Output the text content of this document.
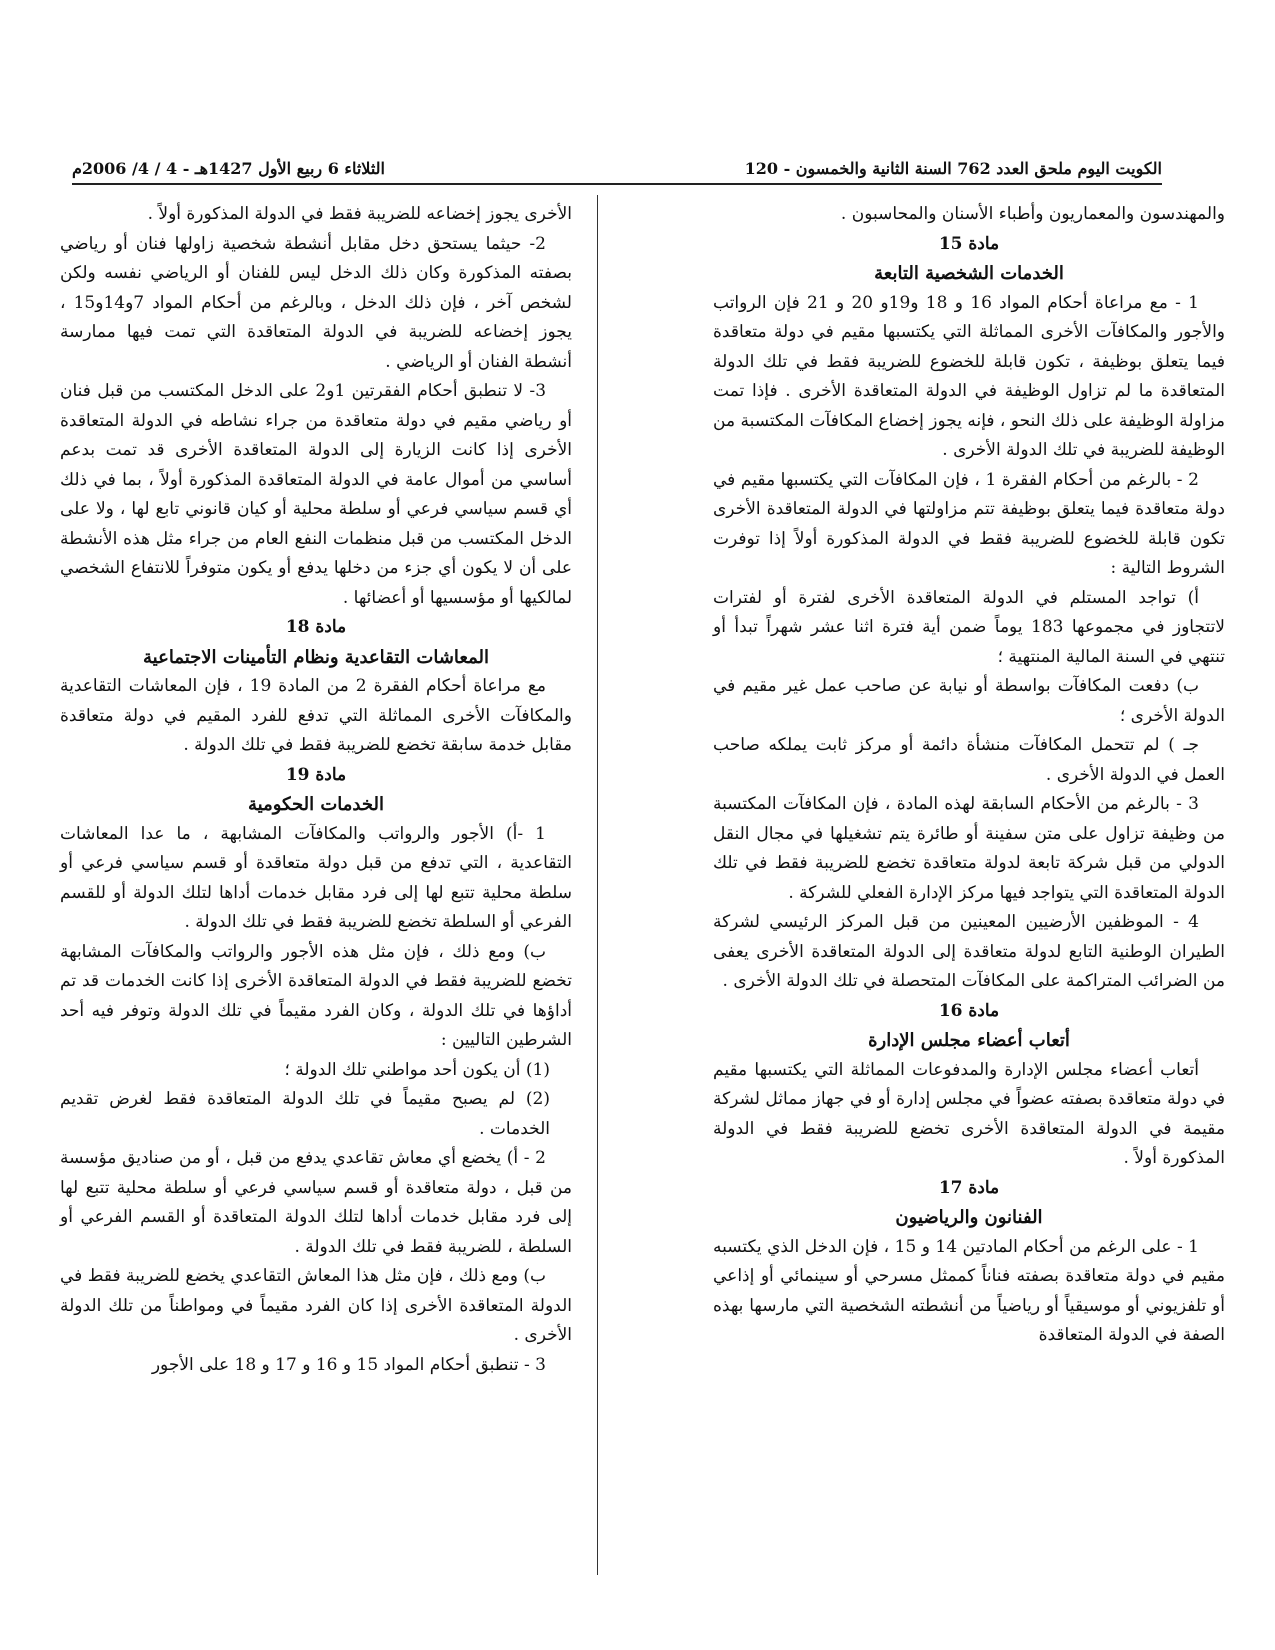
الكويت اليوم ملحق العدد 762 السنة الثانية والخمسون - 120
الثلاثاء 6 ربيع الأول 1427هـ - 4 / 4/ 2006م

والمهندسون والمعماريون وأطباء الأسنان والمحاسبون .

مادة 15

الخدمات الشخصية التابعة

1 - مع مراعاة أحكام المواد 16 و 18 و19و 20 و 21 فإن الرواتب والأجور والمكافآت الأخرى المماثلة التي يكتسبها مقيم في دولة متعاقدة فيما يتعلق بوظيفة ، تكون قابلة للخضوع للضريبة فقط في تلك الدولة المتعاقدة ما لم تزاول الوظيفة في الدولة المتعاقدة الأخرى . فإذا تمت مزاولة الوظيفة على ذلك النحو ، فإنه يجوز إخضاع المكافآت المكتسبة من الوظيفة للضريبة في تلك الدولة الأخرى .

2 - بالرغم من أحكام الفقرة 1 ، فإن المكافآت التي يكتسبها مقيم في دولة متعاقدة فيما يتعلق بوظيفة تتم مزاولتها في الدولة المتعاقدة الأخرى تكون قابلة للخضوع للضريبة فقط في الدولة المذكورة أولاً إذا توفرت الشروط التالية :

أ) تواجد المستلم في الدولة المتعاقدة الأخرى لفترة أو لفترات لاتتجاوز في مجموعها 183 يوماً ضمن أية فترة اثنا عشر شهراً تبدأ أو تنتهي في السنة المالية المنتهية ؛

ب) دفعت المكافآت بواسطة أو نيابة عن صاحب عمل غير مقيم في الدولة الأخرى ؛

جـ ) لم تتحمل المكافآت منشأة دائمة أو مركز ثابت يملكه صاحب العمل في الدولة الأخرى .

3 - بالرغم من الأحكام السابقة لهذه المادة ، فإن المكافآت المكتسبة من وظيفة تزاول على متن سفينة أو طائرة يتم تشغيلها في مجال النقل الدولي من قبل شركة تابعة لدولة متعاقدة تخضع للضريبة فقط في تلك الدولة المتعاقدة التي يتواجد فيها مركز الإدارة الفعلي للشركة .

4 - الموظفين الأرضيين المعينين من قبل المركز الرئيسي لشركة الطيران الوطنية التابع لدولة متعاقدة إلى الدولة المتعاقدة الأخرى يعفى من الضرائب المتراكمة على المكافآت المتحصلة في تلك الدولة الأخرى .

مادة 16

أتعاب أعضاء مجلس الإدارة

أتعاب أعضاء مجلس الإدارة والمدفوعات المماثلة التي يكتسبها مقيم في دولة متعاقدة بصفته عضواً في مجلس إدارة أو في جهاز مماثل لشركة مقيمة في الدولة المتعاقدة الأخرى تخضع للضريبة فقط في الدولة المذكورة أولاً .

مادة 17

الفنانون والرياضيون

1 - على الرغم من أحكام المادتين 14 و 15 ، فإن الدخل الذي يكتسبه مقيم في دولة متعاقدة بصفته فناناً كممثل مسرحي أو سينمائي أو إذاعي أو تلفزيوني أو موسيقياً أو رياضياً من أنشطته الشخصية التي مارسها بهذه الصفة في الدولة المتعاقدة

الأخرى يجوز إخضاعه للضريبة فقط في الدولة المذكورة أولاً .

2- حيثما يستحق دخل مقابل أنشطة شخصية زاولها فنان أو رياضي بصفته المذكورة وكان ذلك الدخل ليس للفنان أو الرياضي نفسه ولكن لشخص آخر ، فإن ذلك الدخل ، وبالرغم من أحكام المواد 7و14و15 ، يجوز إخضاعه للضريبة في الدولة المتعاقدة التي تمت فيها ممارسة أنشطة الفنان أو الرياضي .

3- لا تنطبق أحكام الفقرتين 1و2 على الدخل المكتسب من قبل فنان أو رياضي مقيم في دولة متعاقدة من جراء نشاطه في الدولة المتعاقدة الأخرى إذا كانت الزيارة إلى الدولة المتعاقدة الأخرى قد تمت بدعم أساسي من أموال عامة في الدولة المتعاقدة المذكورة أولاً ، بما في ذلك أي قسم سياسي فرعي أو سلطة محلية أو كيان قانوني تابع لها ، ولا على الدخل المكتسب من قبل منظمات النفع العام من جراء مثل هذه الأنشطة على أن لا يكون أي جزء من دخلها يدفع أو يكون متوفراً للانتفاع الشخصي لمالكيها أو مؤسسيها أو أعضائها .

مادة 18

المعاشات التقاعدية ونظام التأمينات الاجتماعية

مع مراعاة أحكام الفقرة 2 من المادة 19 ، فإن المعاشات التقاعدية والمكافآت الأخرى المماثلة التي تدفع للفرد المقيم في دولة متعاقدة مقابل خدمة سابقة تخضع للضريبة فقط في تلك الدولة .

مادة 19

الخدمات الحكومية

1 -أ) الأجور والرواتب والمكافآت المشابهة ، ما عدا المعاشات التقاعدية ، التي تدفع من قبل دولة متعاقدة أو قسم سياسي فرعي أو سلطة محلية تتبع لها إلى فرد مقابل خدمات أداها لتلك الدولة أو للقسم الفرعي أو السلطة تخضع للضريبة فقط في تلك الدولة .

ب) ومع ذلك ، فإن مثل هذه الأجور والرواتب والمكافآت المشابهة تخضع للضريبة فقط في الدولة المتعاقدة الأخرى إذا كانت الخدمات قد تم أداؤها في تلك الدولة ، وكان الفرد مقيماً في تلك الدولة وتوفر فيه أحد الشرطين التاليين :

(1) أن يكون أحد مواطني تلك الدولة ؛

(2) لم يصبح مقيماً في تلك الدولة المتعاقدة فقط لغرض تقديم الخدمات .

2 - أ) يخضع أي معاش تقاعدي يدفع من قبل ، أو من صناديق مؤسسة من قبل ، دولة متعاقدة أو قسم سياسي فرعي أو سلطة محلية تتبع لها إلى فرد مقابل خدمات أداها لتلك الدولة المتعاقدة أو القسم الفرعي أو السلطة ، للضريبة فقط في تلك الدولة .

ب) ومع ذلك ، فإن مثل هذا المعاش التقاعدي يخضع للضريبة فقط في الدولة المتعاقدة الأخرى إذا كان الفرد مقيماً في ومواطناً من تلك الدولة الأخرى .

3 - تنطبق أحكام المواد 15 و 16 و 17 و 18 على الأجور
